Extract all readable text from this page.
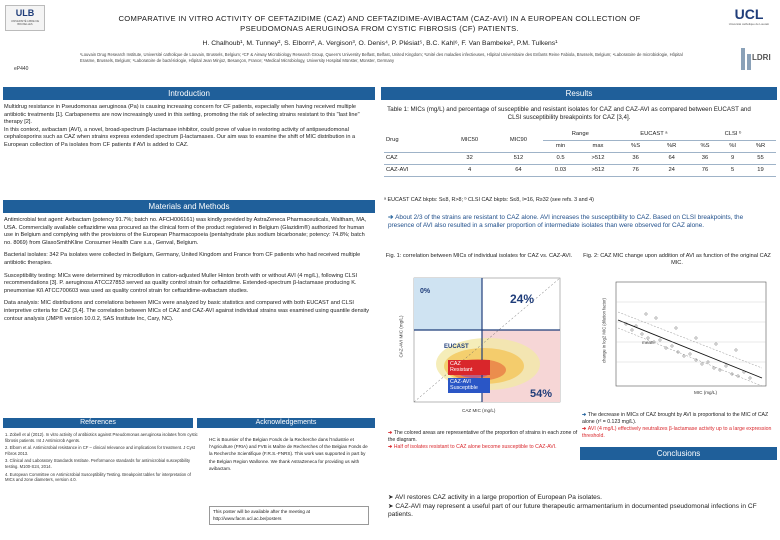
ULB
UNIVERSITÉ LIBRE DE BRUXELLES
eP440
COMPARATIVE IN VITRO ACTIVITY OF CEFTAZIDIME (CAZ) AND CEFTAZIDIME-AVIBACTAM (CAZ-AVI) IN A EUROPEAN COLLECTION OF
PSEUDOMONAS AERUGINOSA FROM CYSTIC FIBROSIS (CF) PATIENTS.
H. Chalhoub¹, M. Tunney², S. Elborn², A. Vergison³, O. Denis⁴, P. Plésiat⁵, B.C. Kahl⁶, F. Van Bambeke¹, P.M. Tulkens¹
¹Louvain Drug Research Institute, Université catholique de Louvain, Brussels, Belgium; ²CF & Airway Microbiology Research Group, Queen's University Belfast, Belfast, United Kingdom; ³Unité des maladies infectieuses, Hôpital Universitaire des Enfants Reine Fabiola, Brussels, Belgium; ⁴Laboratoire de microbiologie, Hôpital Erasme, Brussels, Belgium; ⁵Laboratoire de bactériologie, Hôpital Jean Minjoz, Besançon, France; ⁶Medical Microbiology, University Hospital Münster, Münster, Germany
UCL
Université catholique de Louvain
LDRI
Introduction

Multidrug resistance in Pseudomonas aeruginosa (Pa) is causing increasing concern for CF patients, especially when having received multiple antibiotic treatments [1]. Carbapenems are now increasingly used in this setting, promoting the risk of selecting strains resistant to this "last line" therapy [2].

In this context, avibactam (AVI), a novel, broad-spectrum β-lactamase inhibitor, could prove of value in restoring activity of antipseudomonal cephalosporins such as CAZ when strains express extended spectrum β-lactamases. Our aim was to examine the shift of MIC distribution in a European collection of Pa isolates from CF patients if AVI is added to CAZ.

Materials and Methods

Antimicrobial test agent: Avibactam (potency 91.7%; batch no. AFCH006161) was kindly provided by AstraZeneca Pharmaceuticals, Waltham, MA, USA. Commercially available ceftazidime was procured as the clinical form of the product registered in Belgium (Glazidim®) authorized for human use in Belgium and complying with the provisions of the European Pharmacopoeia (pentahydrate plus sodium bicarbonate; potency: 74.8%; batch no. 8069) from GlaxoSmithKline Consumer Health Care s.a., Genval, Belgium.

Bacterial isolates: 342 Pa isolates were collected in Belgium, Germany, United Kingdom and France from CF patients who had received multiple antibiotic therapies.

Susceptibility testing: MICs were determined by microdilution in cation-adjusted Muller Hinton broth with or without AVI (4 mg/L), following CLSI recommendations [3]. P. aeruginosa ATCC27853 served as quality control strain for ceftazidime. Extended-spectrum β-lactamase producing K. pneumoniae Kß ATCC700603 was used as quality control strain for ceftazidime-avibactam studies.

Data analysis: MIC distributions and correlations between MICs were analyzed by basic statistics and compared with both EUCAST and CLSI interpretive criteria for CAZ [3,4]. The correlation between MICs of CAZ and CAZ-AVI against individual strains was examined using quantile density contour analysis (JMP® version 10.0.2, SAS Institute Inc, Cary, NC).

References

1. Zobell et al (2012). In vitro activity of antibiotics against Pseudomonas aeruginosa isolates from cystic fibrosis patients. Int J Antimicrob Agents.

2. Elborn et al. Antimicrobial resistance in CF – clinical relevance and implications for treatment. J Cyst Fibros 2013.

3. Clinical and Laboratory Standards Institute. Performance standards for antimicrobial susceptibility testing. M100-S24, 2014.

4. European Committee on Antimicrobial Susceptibility Testing. Breakpoint tables for interpretation of MICs and zone diameters, version 4.0.

Acknowledgements
HC is Boursier of the Belgian Fonds de la Recherche dans l'Industrie et l'Agriculture (FRIA) and FVB is Maître de Recherches of the Belgian Fonds de la Recherche Scientifique (F.R.S.-FNRS). This work was supported in part by the Belgian Region Wallonne. We thank AstraZeneca for providing us with avibactam.
This poster will be available after the meeting at http://www.facm.ucl.ac.be/posters
Results
Table 1: MICs (mg/L) and percentage of susceptible and resistant isolates for CAZ and CAZ-AVI as compared between EUCAST and CLSI susceptibility breakpoints for CAZ [3,4].
Drug	MIC50	MIC90	Range		EUCAST ᵃ		CLSI ᵇ		
			min	max	%S	%R	%S	%I	%R
CAZ	32	512	0.5	>512	36	64	36	9	55
CAZ-AVI	4	64	0.03	>512	76	24	76	5	19
ᵃ EUCAST CAZ bkpts: S≤8, R>8; ᵇ CLSI CAZ bkpts: S≤8, I=16, R≥32 (see refs. 3 and 4)
➔ About 2/3 of the strains are resistant to CAZ alone. AVI increases the susceptibility to CAZ. Based on CLSI breakpoints, the presence of AVI also resulted in a smaller proportion of intermediate isolates than were observed for CAZ alone.
Fig. 1: correlation between MICs of individual isolates for CAZ vs. CAZ-AVI.	Fig. 2: CAZ MIC change upon addition of AVI as function of the original CAZ MIC.
0%
24%
54%
EUCAST
CAZ
Resistant
CAZ-AVI
Susceptible
CAZ MIC (mg/L)
CAZ-AVI MIC (mg/L)	mean
MIC (mg/L)
change in log2 MIC (dilution factor)

➔ The colored areas are representative of the proportion of strains in each zone of the diagram.

➔ Half of isolates resistant to CAZ alone become susceptible to CAZ-AVI.

➔ The decrease in MICs of CAZ brought by AVI is proportional to the MIC of CAZ alone (r² = 0.123 mg/L).

➔ AVI (4 mg/L) effectively neutralizes β-lactamase activity up to a large expression threshold.

Conclusions

➤ AVI restores CAZ activity in a large proportion of European Pa isolates.

➤ CAZ-AVI may represent a useful part of our future therapeutic armamentarium in documented pseudomonal infections in CF patients.
